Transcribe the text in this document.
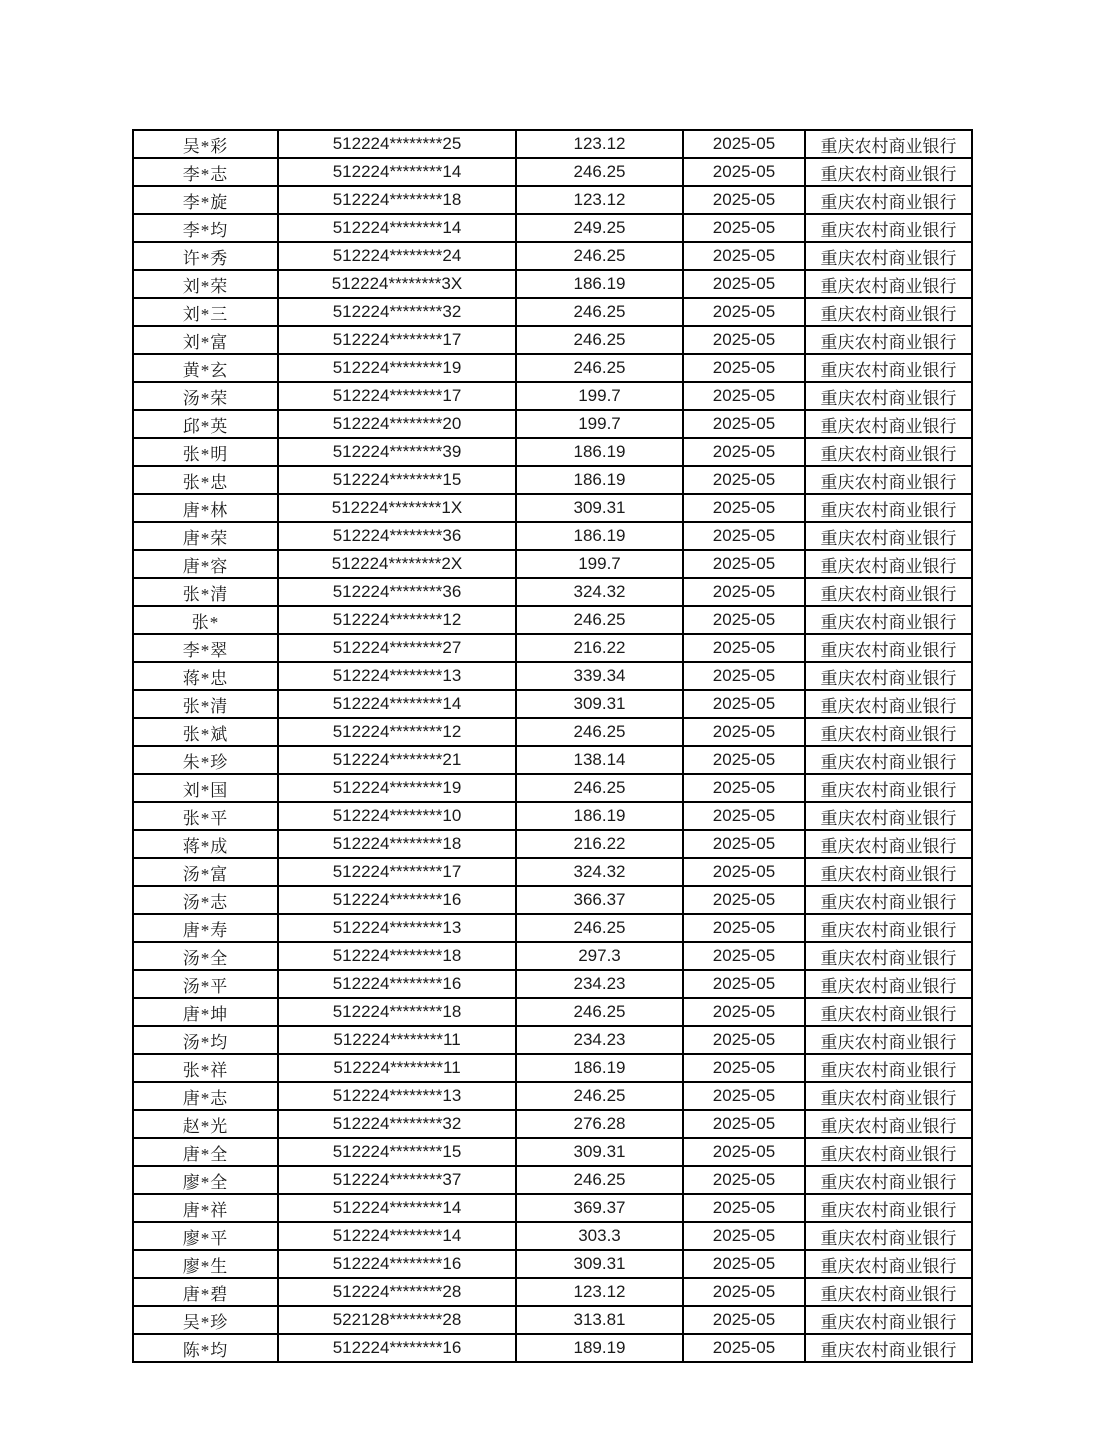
吴*彩	512224********25	123.12	2025-05	重庆农村商业银行
李*志	512224********14	246.25	2025-05	重庆农村商业银行
李*旋	512224********18	123.12	2025-05	重庆农村商业银行
李*均	512224********14	249.25	2025-05	重庆农村商业银行
许*秀	512224********24	246.25	2025-05	重庆农村商业银行
刘*荣	512224********3X	186.19	2025-05	重庆农村商业银行
刘*三	512224********32	246.25	2025-05	重庆农村商业银行
刘*富	512224********17	246.25	2025-05	重庆农村商业银行
黄*玄	512224********19	246.25	2025-05	重庆农村商业银行
汤*荣	512224********17	199.7	2025-05	重庆农村商业银行
邱*英	512224********20	199.7	2025-05	重庆农村商业银行
张*明	512224********39	186.19	2025-05	重庆农村商业银行
张*忠	512224********15	186.19	2025-05	重庆农村商业银行
唐*林	512224********1X	309.31	2025-05	重庆农村商业银行
唐*荣	512224********36	186.19	2025-05	重庆农村商业银行
唐*容	512224********2X	199.7	2025-05	重庆农村商业银行
张*清	512224********36	324.32	2025-05	重庆农村商业银行
张*	512224********12	246.25	2025-05	重庆农村商业银行
李*翠	512224********27	216.22	2025-05	重庆农村商业银行
蒋*忠	512224********13	339.34	2025-05	重庆农村商业银行
张*清	512224********14	309.31	2025-05	重庆农村商业银行
张*斌	512224********12	246.25	2025-05	重庆农村商业银行
朱*珍	512224********21	138.14	2025-05	重庆农村商业银行
刘*国	512224********19	246.25	2025-05	重庆农村商业银行
张*平	512224********10	186.19	2025-05	重庆农村商业银行
蒋*成	512224********18	216.22	2025-05	重庆农村商业银行
汤*富	512224********17	324.32	2025-05	重庆农村商业银行
汤*志	512224********16	366.37	2025-05	重庆农村商业银行
唐*寿	512224********13	246.25	2025-05	重庆农村商业银行
汤*全	512224********18	297.3	2025-05	重庆农村商业银行
汤*平	512224********16	234.23	2025-05	重庆农村商业银行
唐*坤	512224********18	246.25	2025-05	重庆农村商业银行
汤*均	512224********11	234.23	2025-05	重庆农村商业银行
张*祥	512224********11	186.19	2025-05	重庆农村商业银行
唐*志	512224********13	246.25	2025-05	重庆农村商业银行
赵*光	512224********32	276.28	2025-05	重庆农村商业银行
唐*全	512224********15	309.31	2025-05	重庆农村商业银行
廖*全	512224********37	246.25	2025-05	重庆农村商业银行
唐*祥	512224********14	369.37	2025-05	重庆农村商业银行
廖*平	512224********14	303.3	2025-05	重庆农村商业银行
廖*生	512224********16	309.31	2025-05	重庆农村商业银行
唐*碧	512224********28	123.12	2025-05	重庆农村商业银行
吴*珍	522128********28	313.81	2025-05	重庆农村商业银行
陈*均	512224********16	189.19	2025-05	重庆农村商业银行
